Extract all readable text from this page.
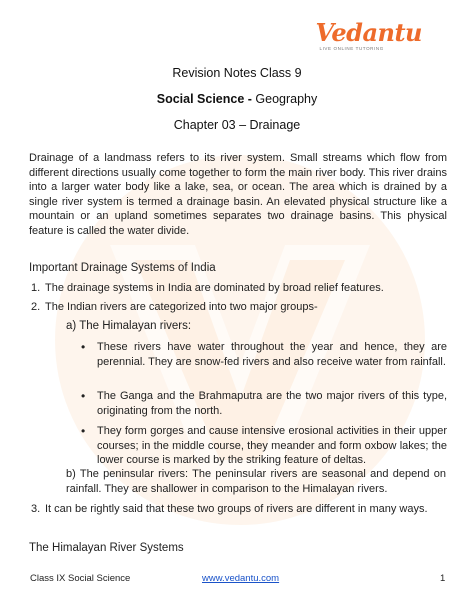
Vedantu
LIVE ONLINE TUTORING
Revision Notes Class 9
Social Science - Geography
Chapter 03 – Drainage
Drainage of a landmass refers to its river system. Small streams which flow from different directions usually come together to form the main river body. This river drains into a larger water body like a lake, sea, or ocean. The area which is drained by a single river system is termed a drainage basin. An elevated physical structure like a mountain or an upland sometimes separates two drainage basins. This physical feature is called the water divide.
Important Drainage Systems of India
1. The drainage systems in India are dominated by broad relief features.
2. The Indian rivers are categorized into two major groups-
a) The Himalayan rivers:
• These rivers have water throughout the year and hence, they are perennial. They are snow-fed rivers and also receive water from rainfall.
• The Ganga and the Brahmaputra are the two major rivers of this type, originating from the north.
• They form gorges and cause intensive erosional activities in their upper courses; in the middle course, they meander and form oxbow lakes; the lower course is marked by the striking feature of deltas.
b) The peninsular rivers: The peninsular rivers are seasonal and depend on rainfall. They are shallower in comparison to the Himalayan rivers.
3. It can be rightly said that these two groups of rivers are different in many ways.
The Himalayan River Systems
Class IX Social Science	www.vedantu.com	1
